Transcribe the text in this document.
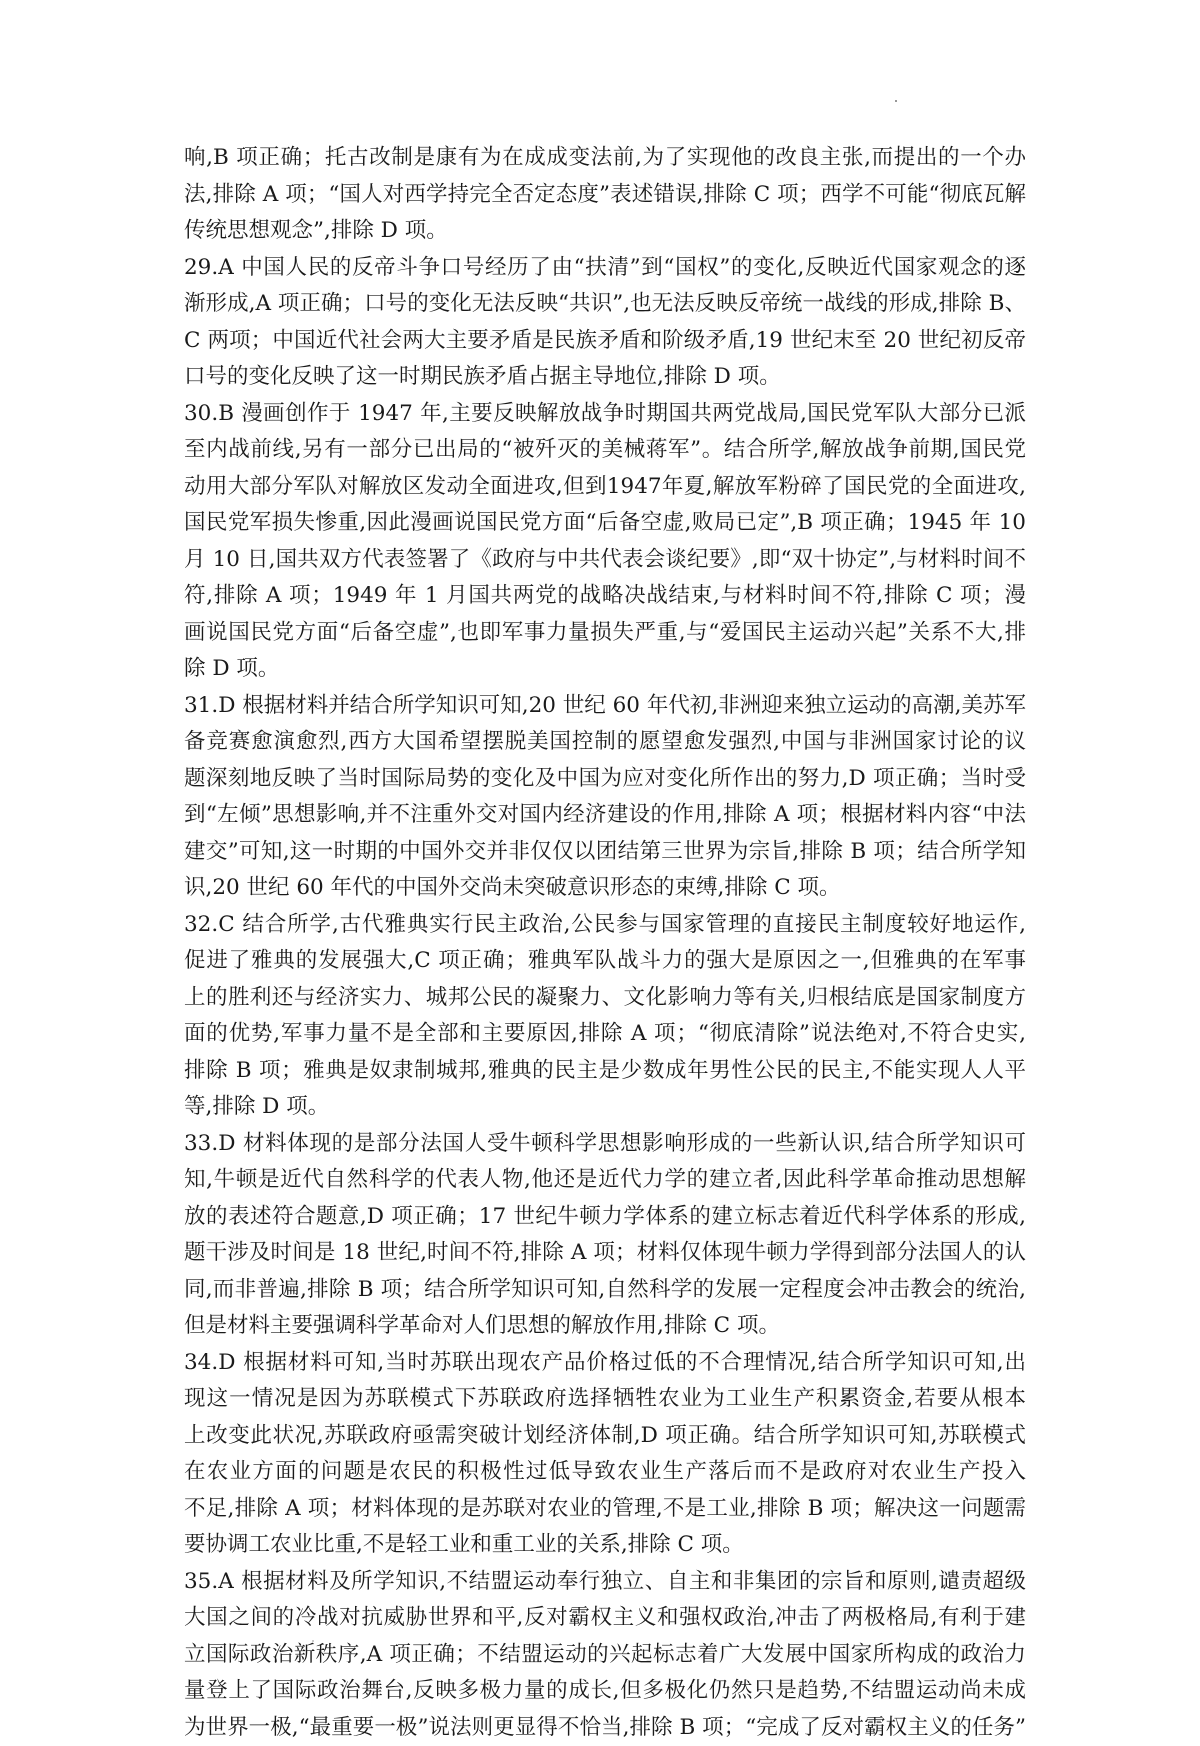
响,B 项正确；托古改制是康有为在成成变法前,为了实现他的改良主张,而提出的一个办
法,排除 A 项；“国人对西学持完全否定态度”表述错误,排除 C 项；西学不可能“彻底瓦解
传统思想观念”,排除 D 项。
29.A 中国人民的反帝斗争口号经历了由“扶清”到“国权”的变化,反映近代国家观念的逐
渐形成,A 项正确；口号的变化无法反映“共识”,也无法反映反帝统一战线的形成,排除 B、
C 两项；中国近代社会两大主要矛盾是民族矛盾和阶级矛盾,19 世纪末至 20 世纪初反帝
口号的变化反映了这一时期民族矛盾占据主导地位,排除 D 项。
30.B 漫画创作于 1947 年,主要反映解放战争时期国共两党战局,国民党军队大部分已派
至内战前线,另有一部分已出局的“被歼灭的美械蒋军”。结合所学,解放战争前期,国民党
动用大部分军队对解放区发动全面进攻,但到1947年夏,解放军粉碎了国民党的全面进攻,
国民党军损失惨重,因此漫画说国民党方面“后备空虚,败局已定”,B 项正确；1945 年 10
月 10 日,国共双方代表签署了《政府与中共代表会谈纪要》,即“双十协定”,与材料时间不
符,排除 A 项；1949 年 1 月国共两党的战略决战结束,与材料时间不符,排除 C 项；漫
画说国民党方面“后备空虚”,也即军事力量损失严重,与“爱国民主运动兴起”关系不大,排
除 D 项。
31.D 根据材料并结合所学知识可知,20 世纪 60 年代初,非洲迎来独立运动的高潮,美苏军
备竞赛愈演愈烈,西方大国希望摆脱美国控制的愿望愈发强烈,中国与非洲国家讨论的议
题深刻地反映了当时国际局势的变化及中国为应对变化所作出的努力,D 项正确；当时受
到“左倾”思想影响,并不注重外交对国内经济建设的作用,排除 A 项；根据材料内容“中法
建交”可知,这一时期的中国外交并非仅仅以团结第三世界为宗旨,排除 B 项；结合所学知
识,20 世纪 60 年代的中国外交尚未突破意识形态的束缚,排除 C 项。
32.C 结合所学,古代雅典实行民主政治,公民参与国家管理的直接民主制度较好地运作,
促进了雅典的发展强大,C 项正确；雅典军队战斗力的强大是原因之一,但雅典的在军事
上的胜利还与经济实力、城邦公民的凝聚力、文化影响力等有关,归根结底是国家制度方
面的优势,军事力量不是全部和主要原因,排除 A 项；“彻底清除”说法绝对,不符合史实,
排除 B 项；雅典是奴隶制城邦,雅典的民主是少数成年男性公民的民主,不能实现人人平
等,排除 D 项。
33.D 材料体现的是部分法国人受牛顿科学思想影响形成的一些新认识,结合所学知识可
知,牛顿是近代自然科学的代表人物,他还是近代力学的建立者,因此科学革命推动思想解
放的表述符合题意,D 项正确；17 世纪牛顿力学体系的建立标志着近代科学体系的形成,
题干涉及时间是 18 世纪,时间不符,排除 A 项；材料仅体现牛顿力学得到部分法国人的认
同,而非普遍,排除 B 项；结合所学知识可知,自然科学的发展一定程度会冲击教会的统治,
但是材料主要强调科学革命对人们思想的解放作用,排除 C 项。
34.D 根据材料可知,当时苏联出现农产品价格过低的不合理情况,结合所学知识可知,出
现这一情况是因为苏联模式下苏联政府选择牺牲农业为工业生产积累资金,若要从根本
上改变此状况,苏联政府亟需突破计划经济体制,D 项正确。结合所学知识可知,苏联模式
在农业方面的问题是农民的积极性过低导致农业生产落后而不是政府对农业生产投入
不足,排除 A 项；材料体现的是苏联对农业的管理,不是工业,排除 B 项；解决这一问题需
要协调工农业比重,不是轻工业和重工业的关系,排除 C 项。
35.A 根据材料及所学知识,不结盟运动奉行独立、自主和非集团的宗旨和原则,谴责超级
大国之间的冷战对抗威胁世界和平,反对霸权主义和强权政治,冲击了两极格局,有利于建
立国际政治新秩序,A 项正确；不结盟运动的兴起标志着广大发展中国家所构成的政治力
量登上了国际政治舞台,反映多极力量的成长,但多极化仍然只是趋势,不结盟运动尚未成
为世界一极,“最重要一极”说法则更显得不恰当,排除 B 项；“完成了反对霸权主义的任务”
